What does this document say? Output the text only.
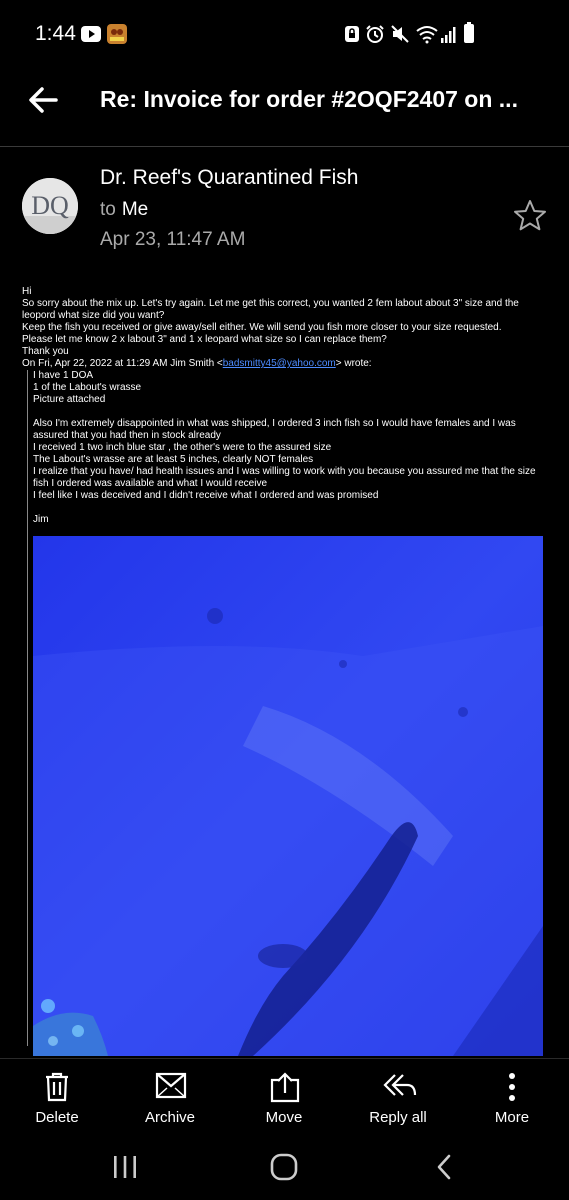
1:44
Re: Invoice for order #2OQF2407 on ...
DQ
Dr. Reef's Quarantined Fish
to Me
Apr 23, 11:47 AM

Hi

So sorry about the mix up. Let's try again. Let me get this correct, you wanted 2 fem labout about 3" size and the leopord what size did you want?

Keep the fish you received or give away/sell either. We will send you fish more closer to your size requested.

Please let me know 2 x labout 3" and 1 x leopard what size so I can replace them?

Thank you

On Fri, Apr 22, 2022 at 11:29 AM Jim Smith <badsmitty45@yahoo.com> wrote:

I have 1 DOA

1 of the Labout's wrasse

Picture attached

Also I'm extremely disappointed in what was shipped, I ordered 3 inch fish so I would have females and I was assured that you had then in stock already

I received 1 two inch blue star , the other's were to the assured size

The Labout's wrasse are at least 5 inches, clearly NOT females

I realize that you have/ had health issues and I was willing to work with you because you assured me that the size fish I ordered was available and what I would receive

I feel like I was deceived and I didn't receive what I ordered and was promised

Jim

Delete	Archive	Move	Reply all	More
